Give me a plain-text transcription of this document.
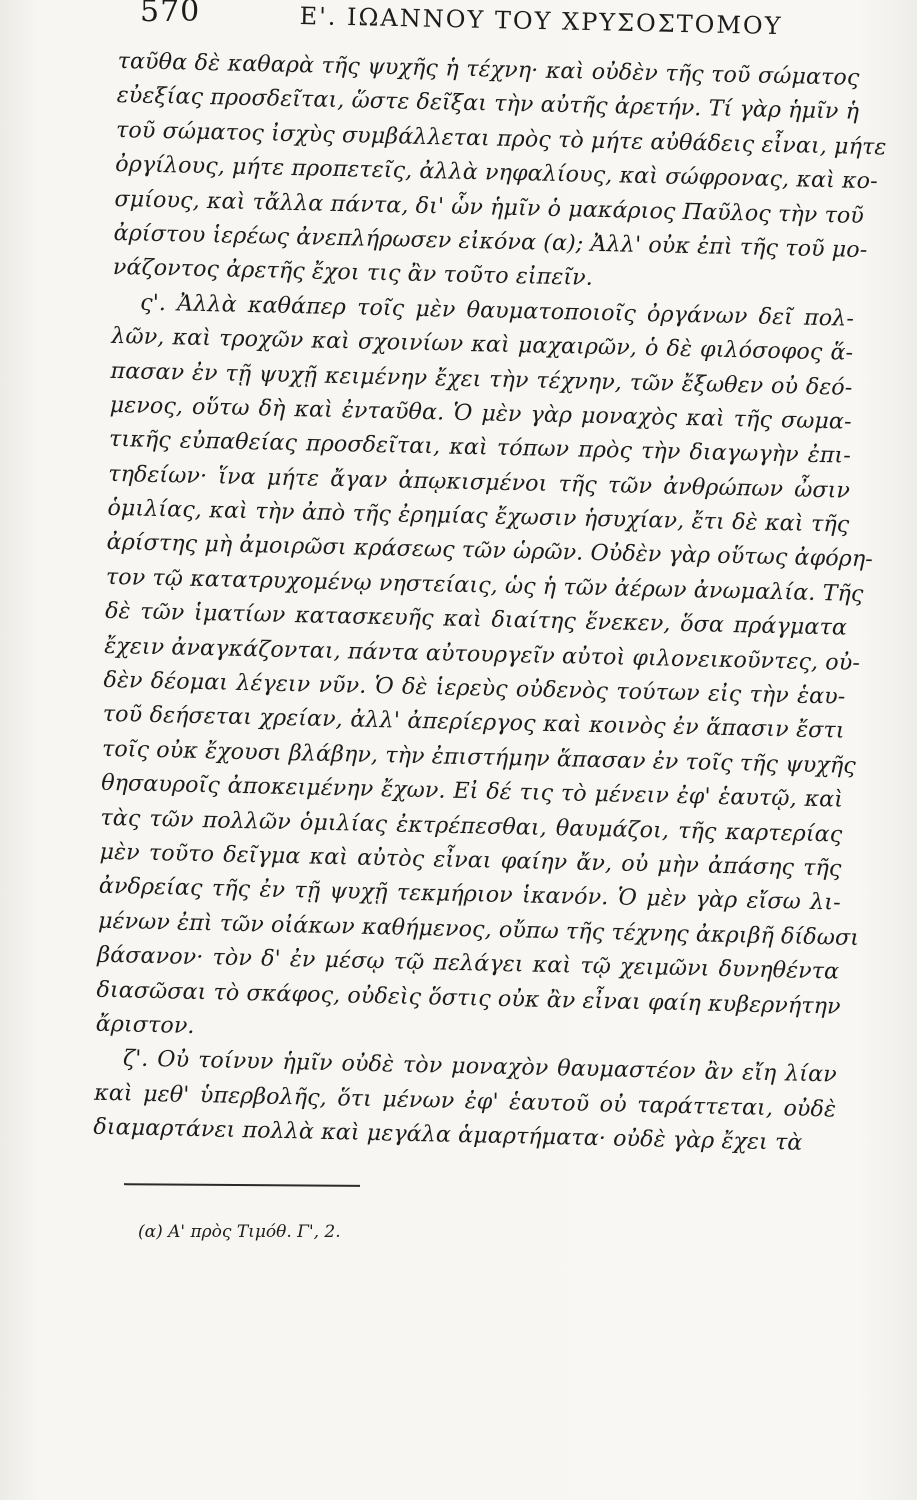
570	Ε'. ΙΩΑΝΝΟΥ ΤΟΥ ΧΡΥΣΟΣΤΟΜΟΥ
ταῦθα δὲ καθαρὰ τῆς ψυχῆς ἡ τέχνη· καὶ οὐδὲν τῆς τοῦ σώματος
εὐεξίας προσδεῖται, ὥστε δεῖξαι τὴν αὐτῆς ἀρετήν. Τί γὰρ ἡμῖν ἡ
τοῦ σώματος ἰσχὺς συμβάλλεται πρὸς τὸ μήτε αὐθάδεις εἶναι, μήτε
ὀργίλους, μήτε προπετεῖς, ἀλλὰ νηφαλίους, καὶ σώφρονας, καὶ κο-
σμίους, καὶ τἄλλα πάντα, δι' ὧν ἡμῖν ὁ μακάριος Παῦλος τὴν τοῦ
ἀρίστου ἱερέως ἀνεπλήρωσεν εἰκόνα (α); Ἀλλ' οὐκ ἐπὶ τῆς τοῦ μο-
νάζοντος ἀρετῆς ἔχοι τις ἂν τοῦτο εἰπεῖν.
ς'. Ἀλλὰ καθάπερ τοῖς μὲν θαυματοποιοῖς ὀργάνων δεῖ πολ-
λῶν, καὶ τροχῶν καὶ σχοινίων καὶ μαχαιρῶν, ὁ δὲ φιλόσοφος ἅ-
πασαν ἐν τῇ ψυχῇ κειμένην ἔχει τὴν τέχνην, τῶν ἔξωθεν οὐ δεό-
μενος, οὕτω δὴ καὶ ἐνταῦθα. Ὁ μὲν γὰρ μοναχὸς καὶ τῆς σωμα-
τικῆς εὐπαθείας προσδεῖται, καὶ τόπων πρὸς τὴν διαγωγὴν ἐπι-
τηδείων· ἵνα μήτε ἄγαν ἀπῳκισμένοι τῆς τῶν ἀνθρώπων ὦσιν
ὁμιλίας, καὶ τὴν ἀπὸ τῆς ἐρημίας ἔχωσιν ἡσυχίαν, ἔτι δὲ καὶ τῆς
ἀρίστης μὴ ἀμοιρῶσι κράσεως τῶν ὡρῶν. Οὐδὲν γὰρ οὕτως ἀφόρη-
τον τῷ κατατρυχομένῳ νηστείαις, ὡς ἡ τῶν ἀέρων ἀνωμαλία. Τῆς
δὲ τῶν ἱματίων κατασκευῆς καὶ διαίτης ἕνεκεν, ὅσα πράγματα
ἔχειν ἀναγκάζονται, πάντα αὐτουργεῖν αὐτοὶ φιλονεικοῦντες, οὐ-
δὲν δέομαι λέγειν νῦν. Ὁ δὲ ἱερεὺς οὐδενὸς τούτων εἰς τὴν ἑαυ-
τοῦ δεήσεται χρείαν, ἀλλ' ἀπερίεργος καὶ κοινὸς ἐν ἅπασιν ἔστι
τοῖς οὐκ ἔχουσι βλάβην, τὴν ἐπιστήμην ἅπασαν ἐν τοῖς τῆς ψυχῆς
θησαυροῖς ἀποκειμένην ἔχων. Εἰ δέ τις τὸ μένειν ἐφ' ἑαυτῷ, καὶ
τὰς τῶν πολλῶν ὁμιλίας ἐκτρέπεσθαι, θαυμάζοι, τῆς καρτερίας
μὲν τοῦτο δεῖγμα καὶ αὐτὸς εἶναι φαίην ἄν, οὐ μὴν ἀπάσης τῆς
ἀνδρείας τῆς ἐν τῇ ψυχῇ τεκμήριον ἱκανόν. Ὁ μὲν γὰρ εἴσω λι-
μένων ἐπὶ τῶν οἰάκων καθήμενος, οὔπω τῆς τέχνης ἀκριβῆ δίδωσι
βάσανον· τὸν δ' ἐν μέσῳ τῷ πελάγει καὶ τῷ χειμῶνι δυνηθέντα
διασῶσαι τὸ σκάφος, οὐδεὶς ὅστις οὐκ ἂν εἶναι φαίη κυβερνήτην
ἄριστον.
ζ'. Οὐ τοίνυν ἡμῖν οὐδὲ τὸν μοναχὸν θαυμαστέον ἂν εἴη λίαν
καὶ μεθ' ὑπερβολῆς, ὅτι μένων ἐφ' ἑαυτοῦ οὐ ταράττεται, οὐδὲ
διαμαρτάνει πολλὰ καὶ μεγάλα ἁμαρτήματα· οὐδὲ γὰρ ἔχει τὰ
(α) Α' πρὸς Τιμόθ. Γ', 2.
